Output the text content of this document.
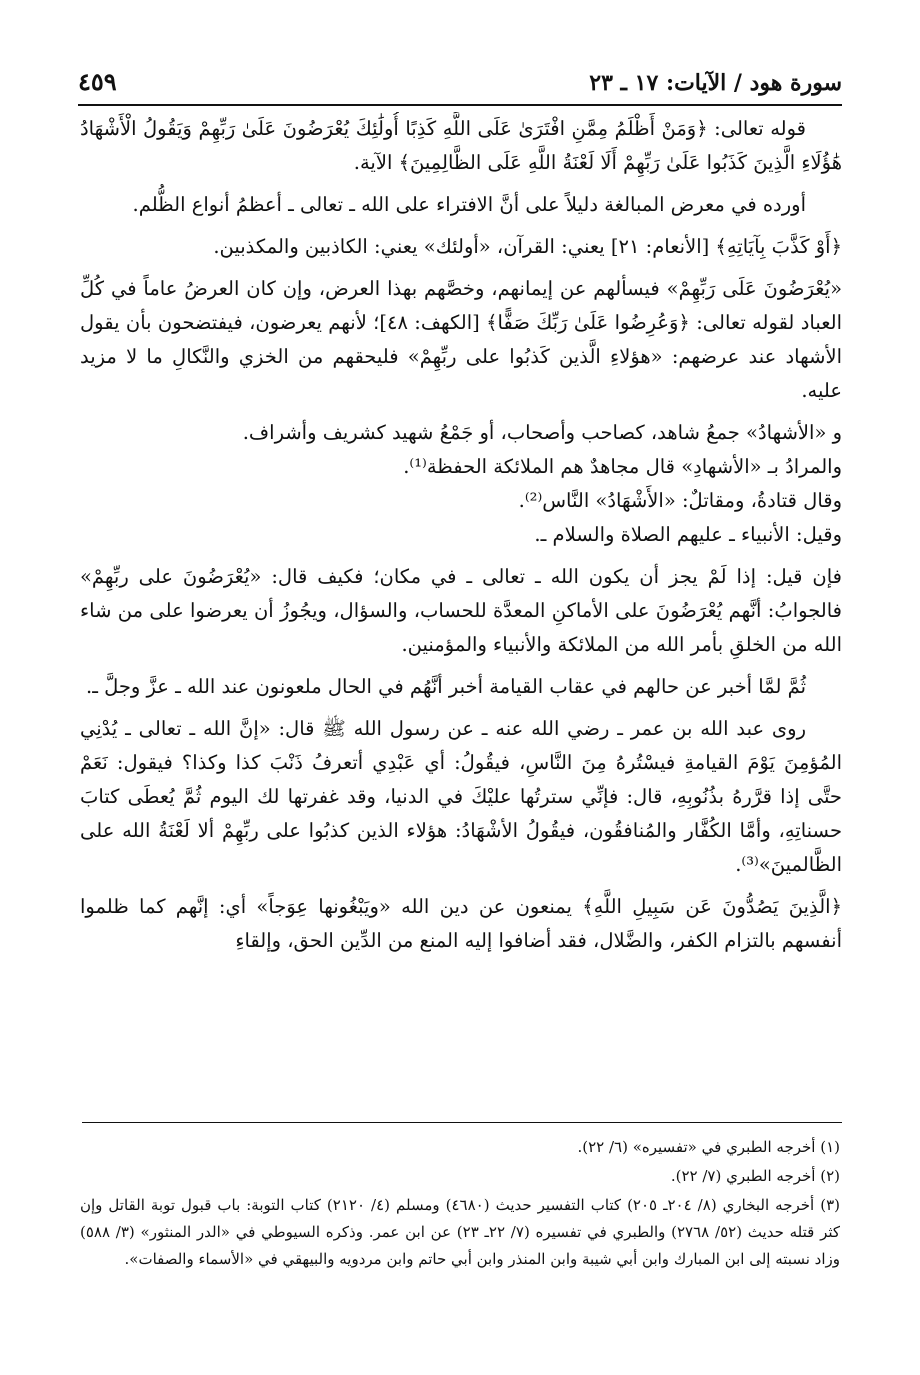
سورة هود / الآيات: ١٧ ـ ٢٣
٤٥٩

قوله تعالى: ﴿وَمَنْ أَظْلَمُ مِمَّنِ افْتَرَىٰ عَلَى اللَّهِ كَذِبًا أُولَٰئِكَ يُعْرَضُونَ عَلَىٰ رَبِّهِمْ وَيَقُولُ الْأَشْهَادُ هَٰؤُلَاءِ الَّذِينَ كَذَبُوا عَلَىٰ رَبِّهِمْ أَلَا لَعْنَةُ اللَّهِ عَلَى الظَّالِمِينَ﴾ الآية.

أورده في معرض المبالغة دليلاً على أنَّ الافتراء على الله ـ تعالى ـ أعظمُ أنواع الظُّلم.

﴿أَوْ كَذَّبَ بِآيَاتِهِ﴾ [الأنعام: ٢١] يعني: القرآن، «أولئك» يعني: الكاذبين والمكذبين.

«يُعْرَضُونَ عَلَى رَبِّهِمْ» فيسألهم عن إيمانهم، وخصَّهم بهذا العرض، وإن كان العرضُ عاماً في كُلِّ العباد لقوله تعالى: ﴿وَعُرِضُوا عَلَىٰ رَبِّكَ صَفًّا﴾ [الكهف: ٤٨]؛ لأنهم يعرضون، فيفتضحون بأن يقول الأشهاد عند عرضهم: «هؤلاءِ الَّذين كَذبُوا على ربِّهِمْ» فليحقهم من الخزي والنَّكالِ ما لا مزيد عليه.

و «الأشهادُ» جمعُ شاهد، كصاحب وأصحاب، أو جَمْعُ شهيد كشريف وأشراف.

والمرادُ بـ «الأشهادِ» قال مجاهدٌ هم الملائكة الحفظة⁽¹⁾.

وقال قتادةُ، ومقاتلٌ: «الأَشْهَادُ» النَّاس⁽²⁾.

وقيل: الأنبياء ـ عليهم الصلاة والسلام ـ.

فإن قيل: إذا لَمْ يجز أن يكون الله ـ تعالى ـ في مكان؛ فكيف قال: «يُعْرَضُونَ على ربِّهِمْ» فالجوابُ: أنَّهم يُعْرَضُونَ على الأماكنِ المعدَّة للحساب، والسؤال، ويجُوزُ أن يعرضوا على من شاء الله من الخلقِ بأمر الله من الملائكة والأنبياء والمؤمنين.

ثُمَّ لمَّا أخبر عن حالهم في عقاب القيامة أخبر أنَّهُم في الحال ملعونون عند الله ـ عزَّ وجلَّ ـ.

روى عبد الله بن عمر ـ رضي الله عنه ـ عن رسول الله ﷺ قال: «إنَّ الله ـ تعالى ـ يُدْنِي المُؤمِنَ يَوْمَ القيامةِ فيسْتُرهُ مِنَ النَّاسِ، فيقُولُ: أي عَبْدِي أتعرفُ ذَنْبَ كذا وكذا؟ فيقول: نَعَمْ حتَّى إذا قرَّرهُ بذُنُوبِهِ، قال: فإنِّي سترتُها عليْكَ في الدنيا، وقد غفرتها لك اليوم ثُمَّ يُعطَى كتابَ حسناتِهِ، وأمَّا الكُفَّار والمُنافقُون، فيقُولُ الأشْهَادُ: هؤلاء الذين كذبُوا على ربِّهِمْ ألا لَعْنَةُ الله على الظَّالمينَ»⁽³⁾.

﴿الَّذِينَ يَصُدُّونَ عَن سَبِيلِ اللَّهِ﴾ يمنعون عن دين الله «ويَبْغُونها عِوَجاً» أي: إنَّهم كما ظلموا أنفسهم بالتزام الكفر، والضَّلال، فقد أضافوا إليه المنع من الدِّين الحق، وإلقاءِ

(١) أخرجه الطبري في «تفسيره» (٦/ ٢٢).

(٢) أخرجه الطبري (٧/ ٢٢).

(٣) أخرجه البخاري (٨/ ٢٠٤ـ ٢٠٥) كتاب التفسير حديث (٤٦٨٠) ومسلم (٤/ ٢١٢٠) كتاب التوبة: باب قبول توبة القاتل وإن كثر قتله حديث (٥٢/ ٢٧٦٨) والطبري في تفسيره (٧/ ٢٢ـ ٢٣) عن ابن عمر. وذكره السيوطي في «الدر المنثور» (٣/ ٥٨٨) وزاد نسبته إلى ابن المبارك وابن أبي شيبة وابن المنذر وابن أبي حاتم وابن مردويه والبيهقي في «الأسماء والصفات».
